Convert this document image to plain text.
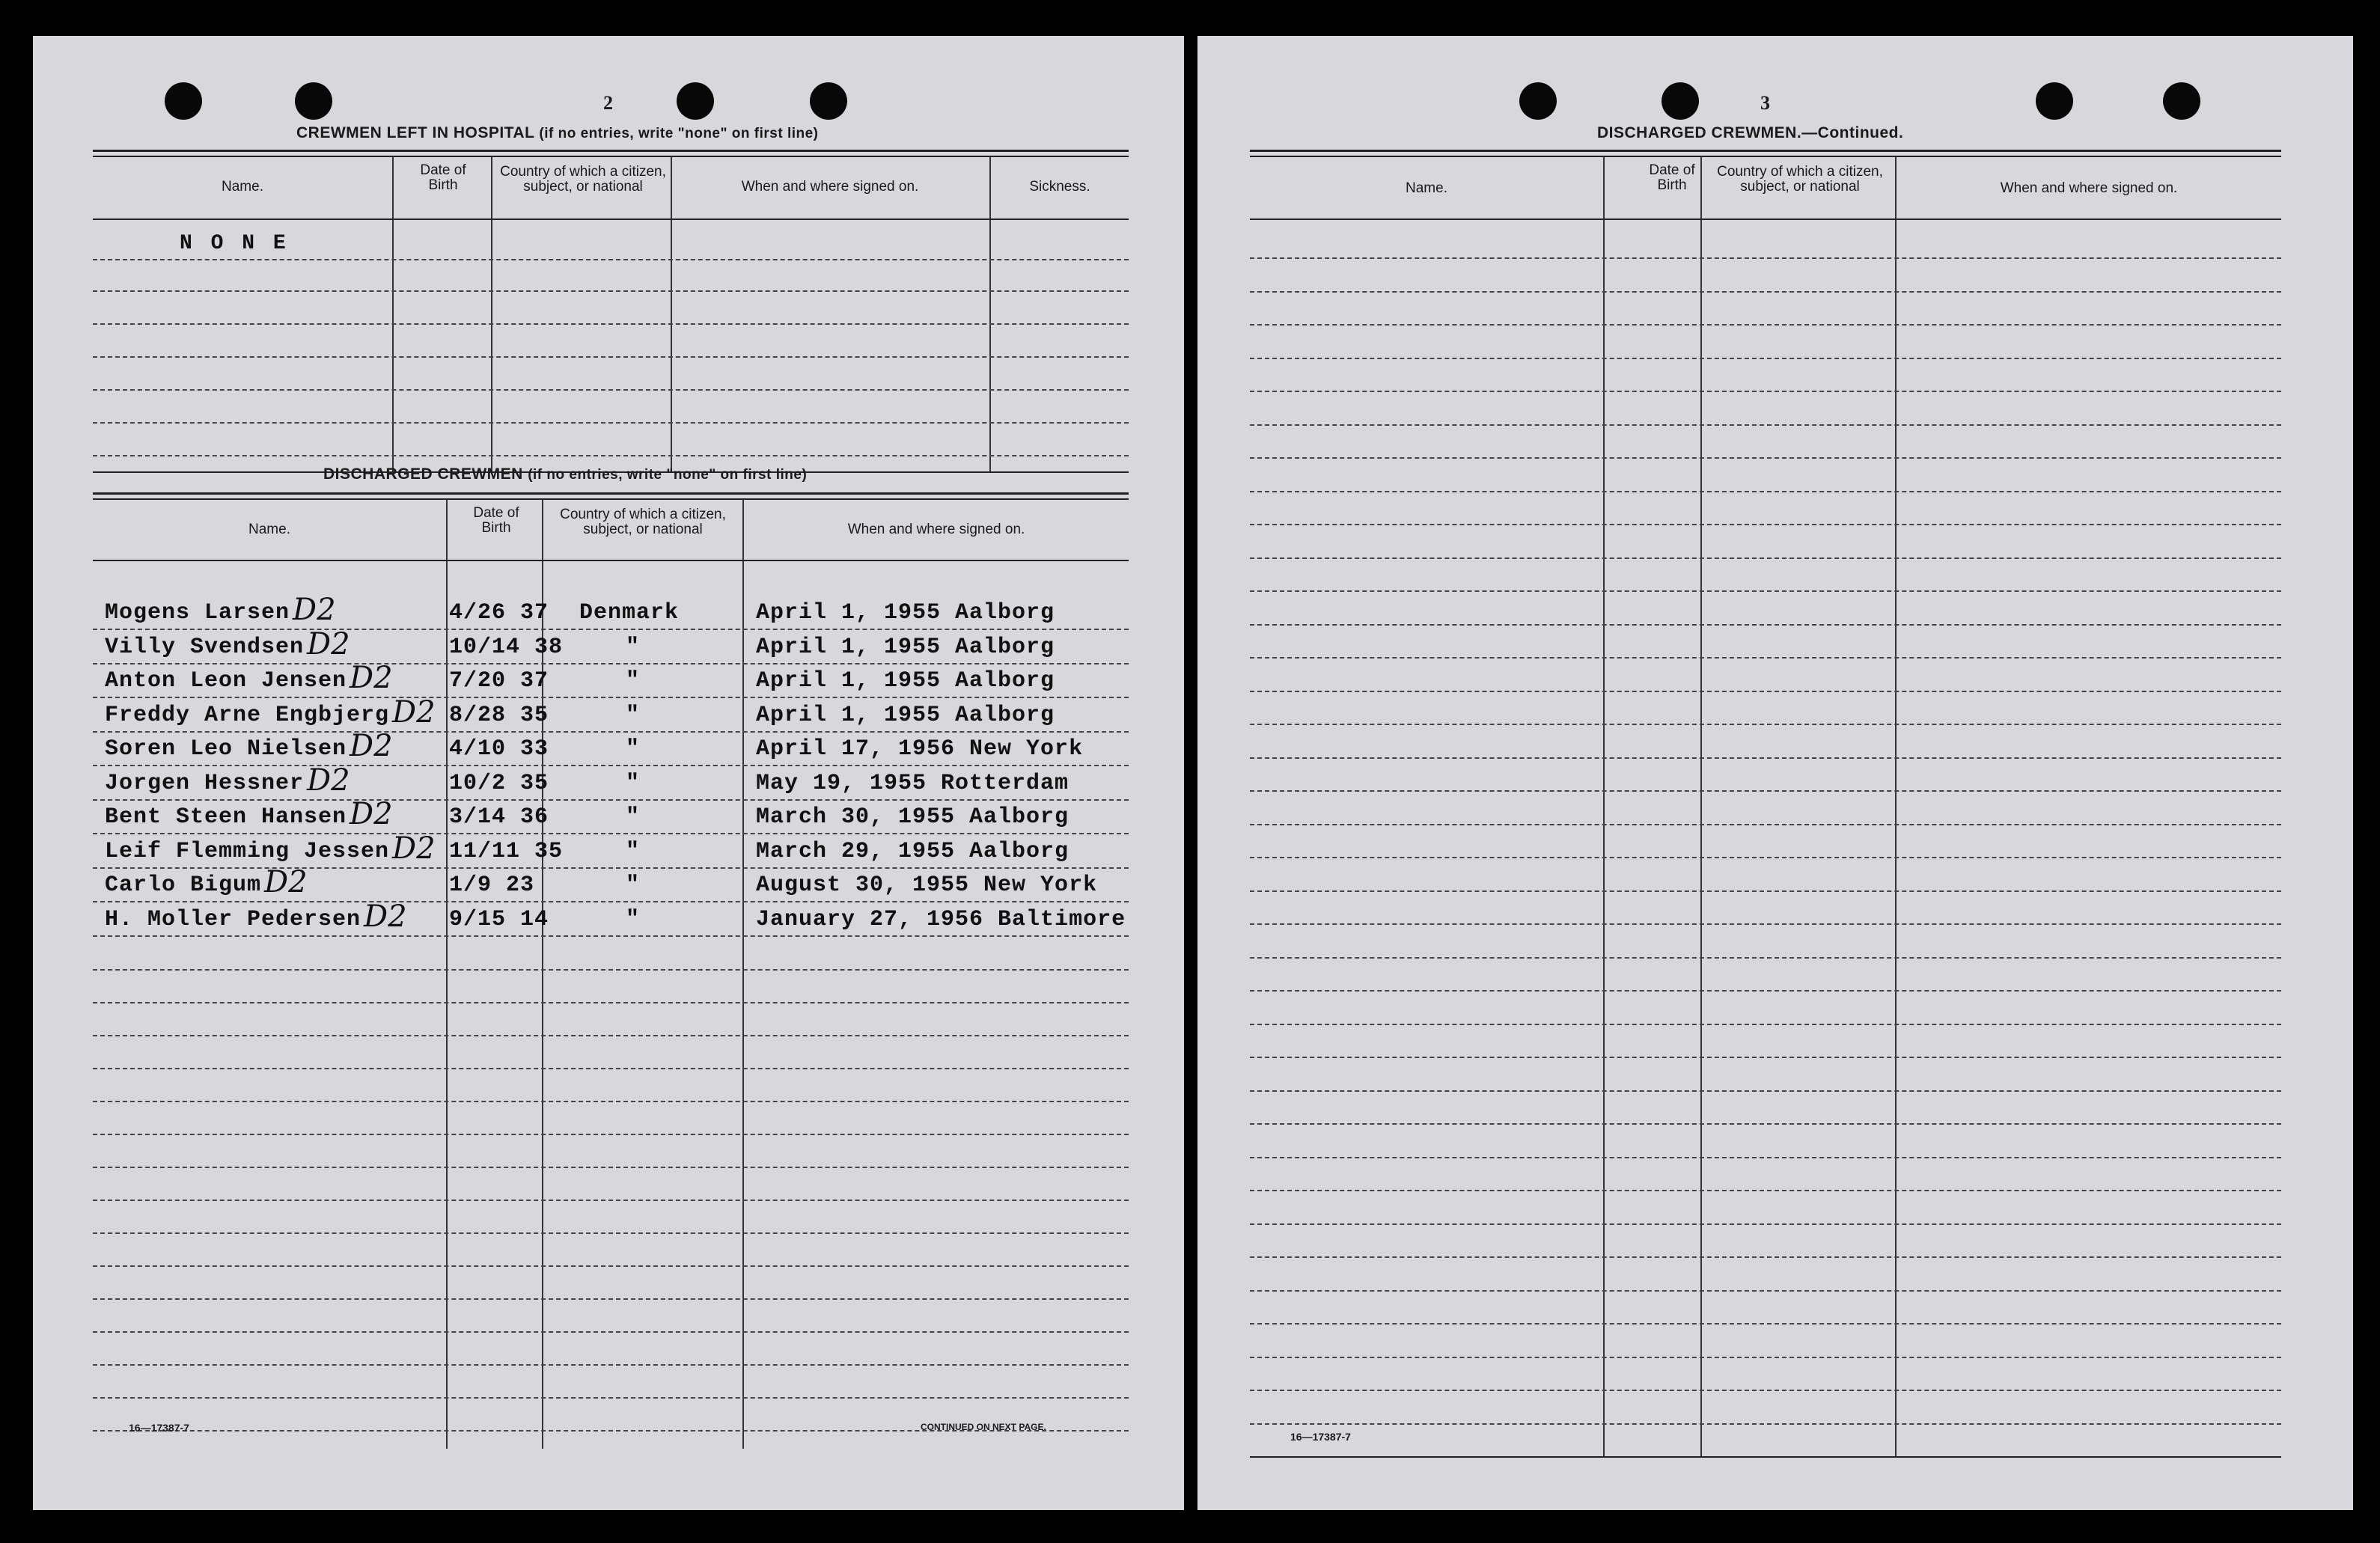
2
CREWMEN LEFT IN HOSPITAL (if no entries, write "none" on first line)
Name.
Date of Birth
Country of which a citizen, subject, or national	When and where signed on.	Sickness.
N O N E
DISCHARGED CREWMEN (if no entries, write "none" on first line)
Name.
Date of Birth
Country of which a citizen, subject, or national	When and where signed on.
Mogens Larsen	4/26 37 Denmark	April 1, 1955 Aalborg
D2
Villy Svendsen	10/14 38	"	April 1, 1955 Aalborg
D2
Anton Leon Jensen	7/20 37	"	April 1, 1955 Aalborg
D2
Freddy Arne Engbjerg	8/28 35	"	April 1, 1955 Aalborg
D2
Soren Leo Nielsen	4/10 33	"	April 17, 1956 New York
D2
Jorgen Hessner	10/2 35	"	May 19, 1955 Rotterdam
D2
Bent Steen Hansen	3/14 36	"	March 30, 1955 Aalborg
D2
Leif Flemming Jessen	11/11 35	"	March 29, 1955 Aalborg
D2
Carlo Bigum	1/9 23	"	August 30, 1955 New York
D2
H. Moller Pedersen	9/15 14	"	January 27, 1956 Baltimore
D2
16—17387-7	CONTINUED ON NEXT PAGE.
3
DISCHARGED CREWMEN.—Continued.
Name.
Date of Birth
Country of which a citizen, subject, or national	When and where signed on.
16—17387-7
